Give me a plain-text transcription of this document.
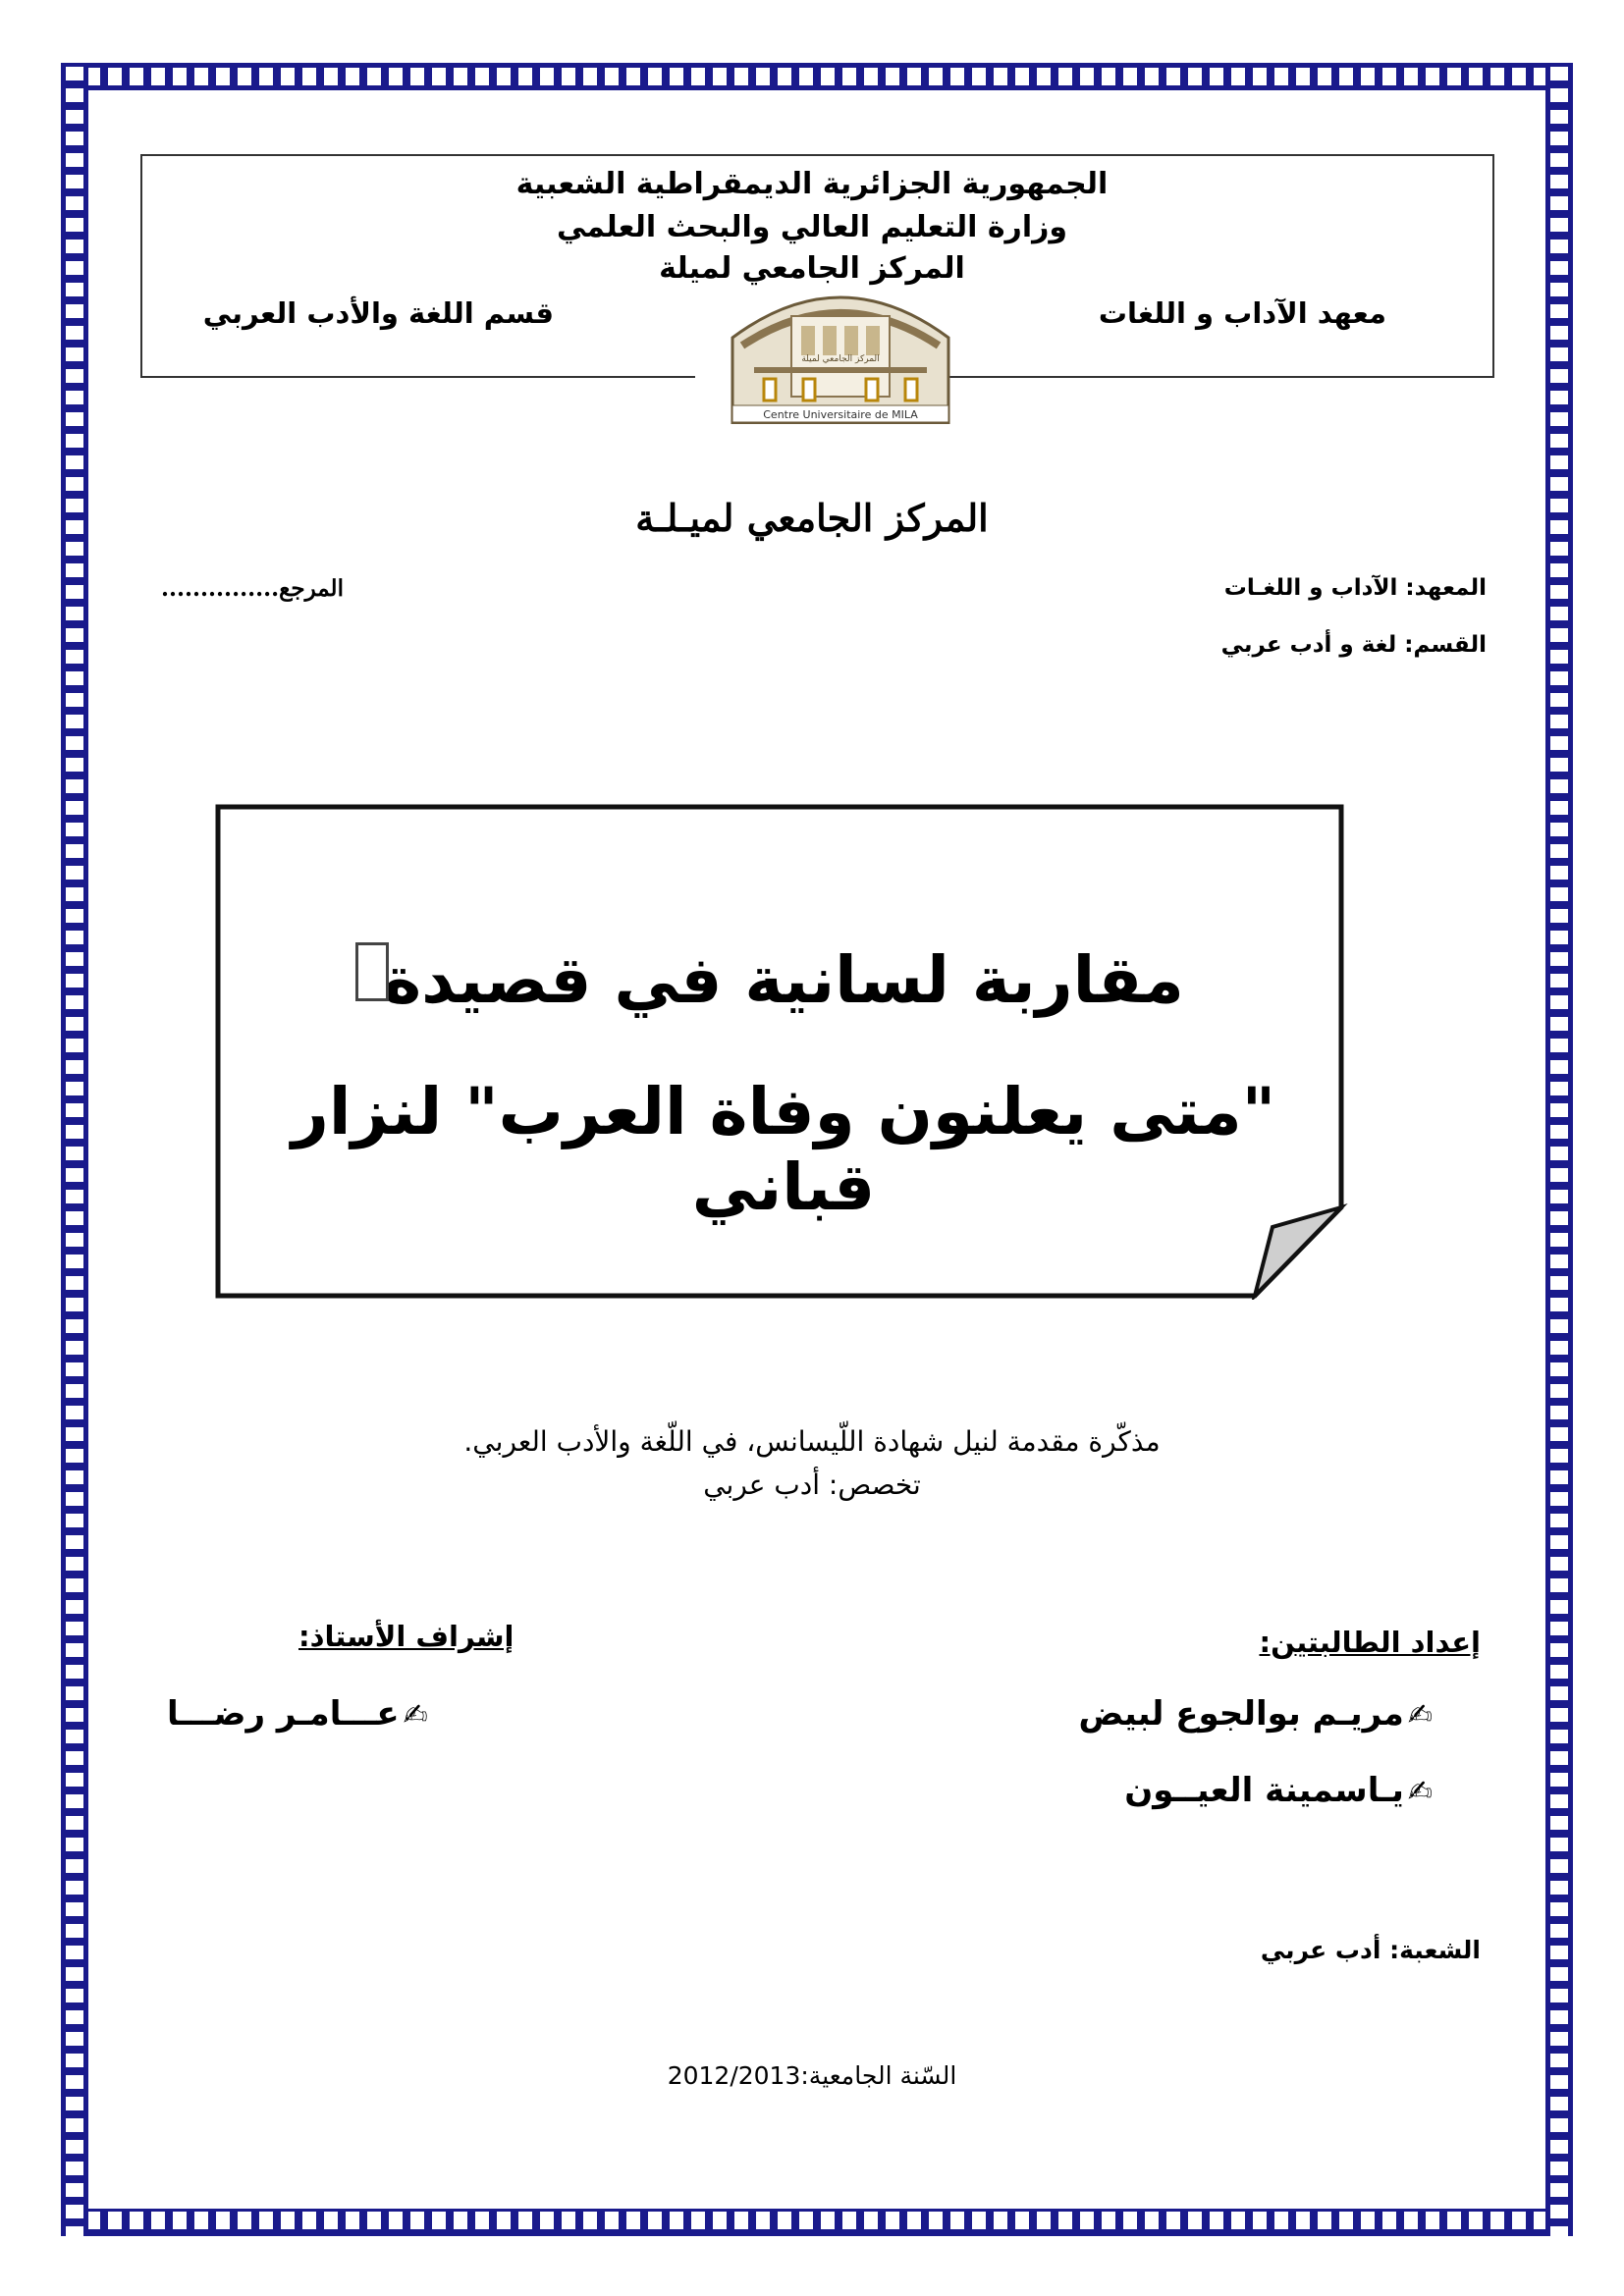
الجمهورية الجزائرية الديمقراطية الشعبية
وزارة التعليم العالي والبحث العلمي
المركز الجامعي لميلة
معهد الآداب و اللغات
قسم اللغة والأدب العربي
المركز الجامعي لميلة
Centre Universitaire de MILA
المركز الجامعي لميـلـة
المعهد: الآداب و اللغـات
القسم: لغة و أدب عربي
المرجع...............
مقاربة لسانية في قصيدة
"متى يعلنون وفاة العرب" لنزار قباني
مذكّرة مقدمة لنيل شهادة اللّيسانس، في اللّغة والأدب العربي.
تخصص: أدب عربي
إعداد الطالبتين:
إشراف الأستاذ:
✍مريـم بوالجوع لبيض
✍يـاسمينة العيــون
✍عـــامـر رضـــا
الشعبة: أدب عربي
السّنة الجامعية:2012/2013
